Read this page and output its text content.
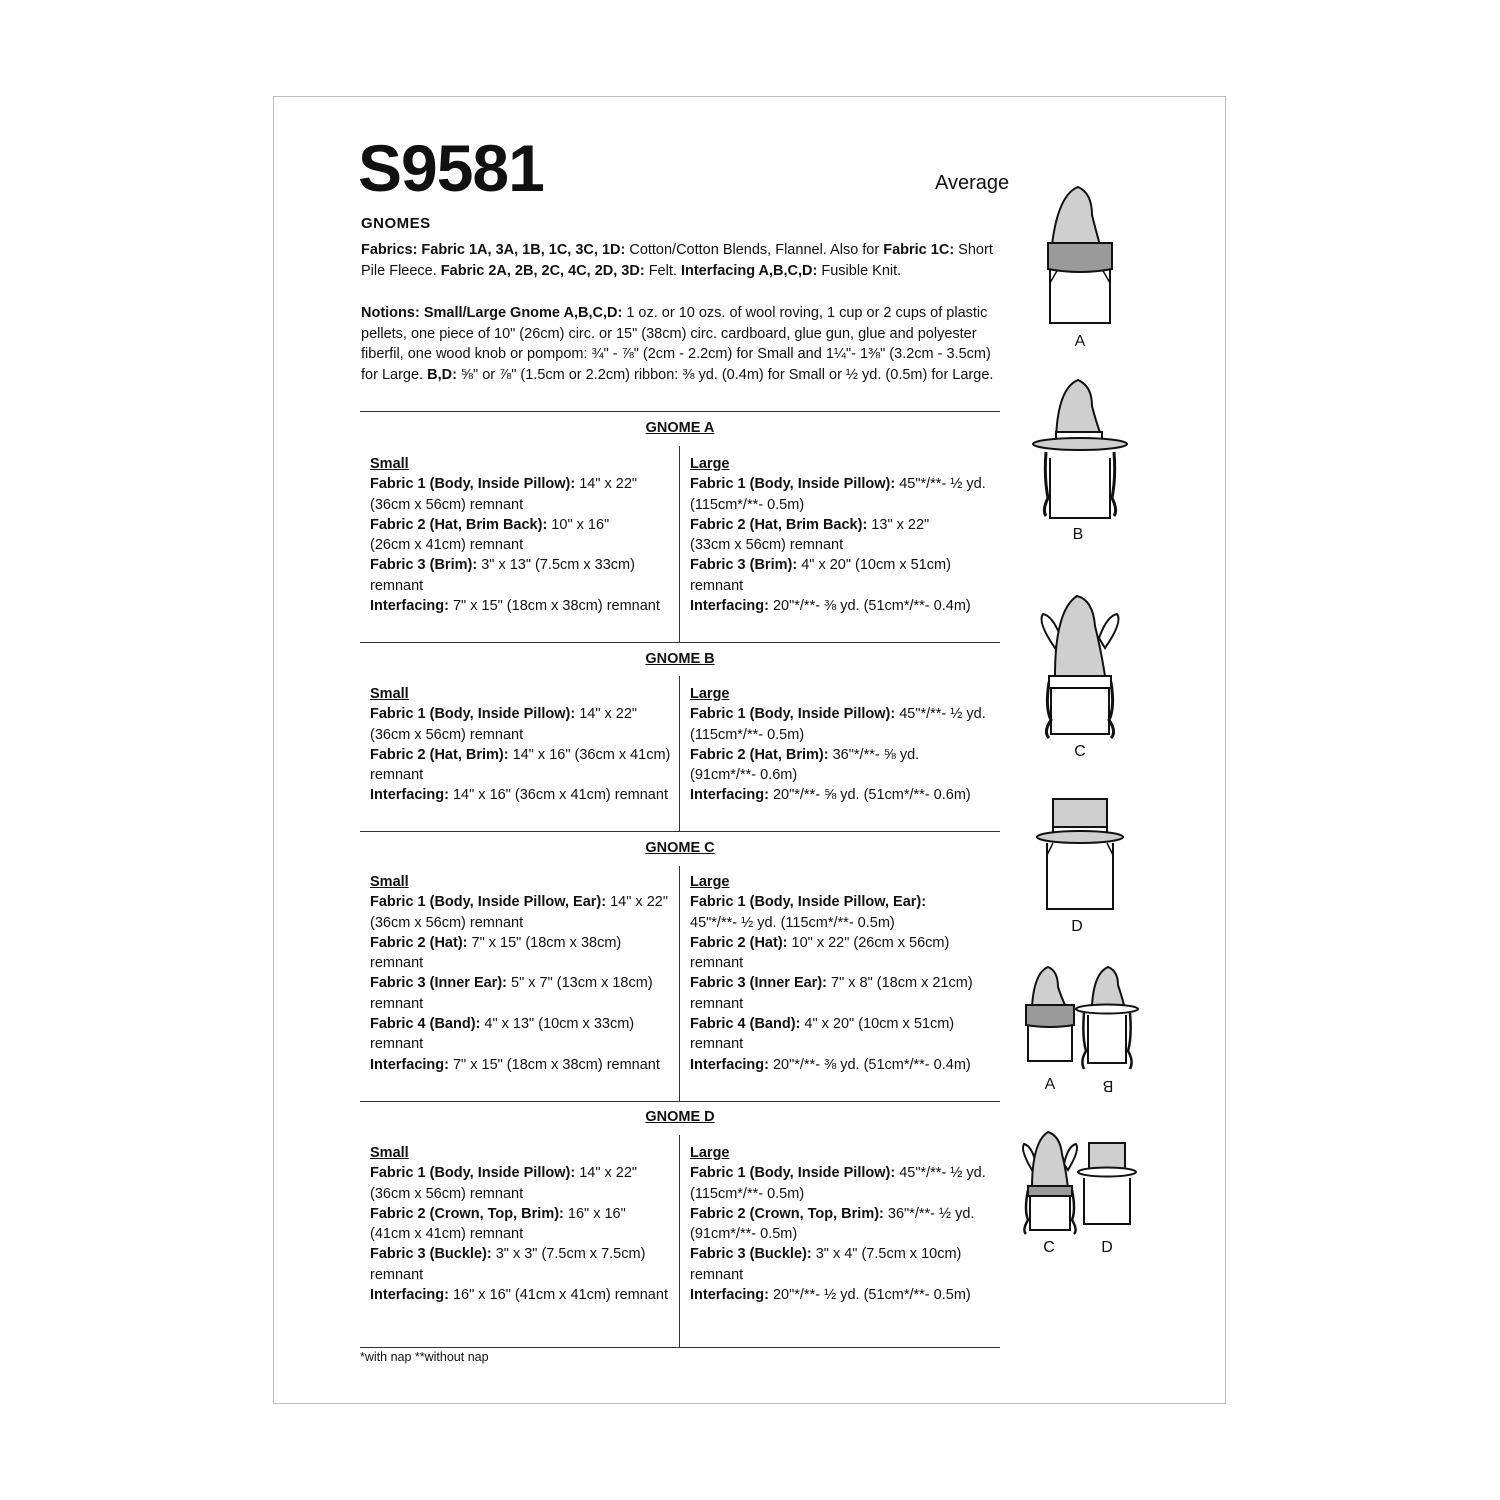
S9581	Average
GNOMES
Fabrics: Fabric 1A, 3A, 1B, 1C, 3C, 1D: Cotton/Cotton Blends, Flannel. Also for Fabric 1C: Short Pile Fleece. Fabric 2A, 2B, 2C, 4C, 2D, 3D: Felt. Interfacing A,B,C,D: Fusible Knit.
Notions: Small/Large Gnome A,B,C,D: 1 oz. or 10 ozs. of wool roving, 1 cup or 2 cups of plastic pellets, one piece of 10" (26cm) circ. or 15" (38cm) circ. cardboard, glue gun, glue and polyester fiberfil, one wood knob or pompom: ¾" - ⅞" (2cm - 2.2cm) for Small and 1¼"- 1⅜" (3.2cm - 3.5cm) for Large. B,D: ⅝" or ⅞" (1.5cm or 2.2cm) ribbon: ⅜ yd. (0.4m) for Small or ½ yd. (0.5m) for Large.
GNOME A
GNOME B
GNOME C
GNOME D
Small
Fabric 1 (Body, Inside Pillow): 14" x 22"
(36cm x 56cm) remnant
Fabric 2 (Hat, Brim Back): 10" x 16"
(26cm x 41cm) remnant
Fabric 3 (Brim): 3" x 13" (7.5cm x 33cm)
remnant
Interfacing: 7" x 15" (18cm x 38cm) remnant
Large
Fabric 1 (Body, Inside Pillow): 45"*/**- ½ yd.
(115cm*/**- 0.5m)
Fabric 2 (Hat, Brim Back): 13" x 22"
(33cm x 56cm) remnant
Fabric 3 (Brim): 4" x 20" (10cm x 51cm)
remnant
Interfacing: 20"*/**- ⅜ yd. (51cm*/**- 0.4m)
Small
Fabric 1 (Body, Inside Pillow): 14" x 22"
(36cm x 56cm) remnant
Fabric 2 (Hat, Brim): 14" x 16" (36cm x 41cm)
remnant
Interfacing: 14" x 16" (36cm x 41cm) remnant
Large
Fabric 1 (Body, Inside Pillow): 45"*/**- ½ yd.
(115cm*/**- 0.5m)
Fabric 2 (Hat, Brim): 36"*/**- ⅝ yd.
(91cm*/**- 0.6m)
Interfacing: 20"*/**- ⅝ yd. (51cm*/**- 0.6m)
Small
Fabric 1 (Body, Inside Pillow, Ear): 14" x 22"
(36cm x 56cm) remnant
Fabric 2 (Hat): 7" x 15" (18cm x 38cm) remnant
Fabric 3 (Inner Ear): 5" x 7" (13cm x 18cm)
remnant
Fabric 4 (Band): 4" x 13" (10cm x 33cm)
remnant
Interfacing: 7" x 15" (18cm x 38cm) remnant
Large
Fabric 1 (Body, Inside Pillow, Ear):
45"*/**- ½ yd. (115cm*/**- 0.5m)
Fabric 2 (Hat): 10" x 22" (26cm x 56cm)
remnant
Fabric 3 (Inner Ear): 7" x 8" (18cm x 21cm)
remnant
Fabric 4 (Band): 4" x 20" (10cm x 51cm)
remnant
Interfacing: 20"*/**- ⅜ yd. (51cm*/**- 0.4m)
Small
Fabric 1 (Body, Inside Pillow): 14" x 22"
(36cm x 56cm) remnant
Fabric 2 (Crown, Top, Brim): 16" x 16"
(41cm x 41cm) remnant
Fabric 3 (Buckle): 3" x 3" (7.5cm x 7.5cm)
remnant
Interfacing: 16" x 16" (41cm x 41cm) remnant
Large
Fabric 1 (Body, Inside Pillow): 45"*/**- ½ yd.
(115cm*/**- 0.5m)
Fabric 2 (Crown, Top, Brim): 36"*/**- ½ yd.
(91cm*/**- 0.5m)
Fabric 3 (Buckle): 3" x 4" (7.5cm x 10cm)
remnant
Interfacing: 20"*/**- ½ yd. (51cm*/**- 0.5m)
*with nap **without nap
A
B
C
D
A	B
C	D
